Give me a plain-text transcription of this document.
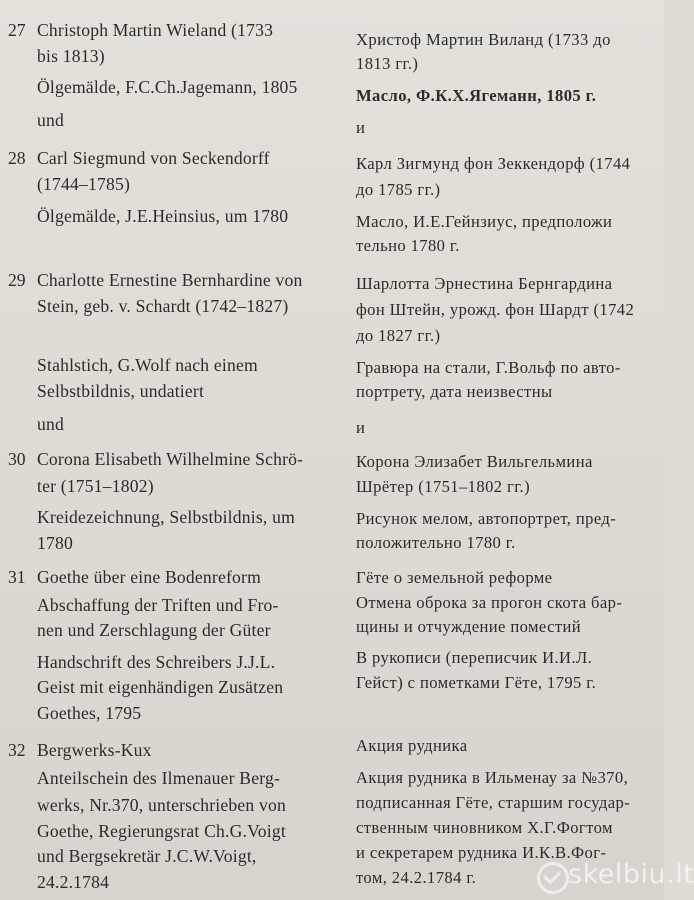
27 Christoph Martin Wieland (1733
bis 1813)
Ölgemälde, F.C.Ch.Jagemann, 1805
und
Христоф Мартин Виланд (1733 до
1813 гг.)
Масло, Ф.К.Х.Ягеманн, 1805 г.
и
28 Carl Siegmund von Seckendorff
(1744–1785)
Ölgemälde, J.E.Heinsius, um 1780
Карл Зигмунд фон Зеккендорф (1744
до 1785 гг.)
Масло, И.Е.Гейнзиус, предположи
тельно 1780 г.
29 Charlotte Ernestine Bernhardine von
Stein, geb. v. Schardt (1742–1827)
Stahlstich, G.Wolf nach einem
Selbstbildnis, undatiert
und
Шарлотта Эрнестина Бернгардина
фон Штейн, урожд. фон Шардт (1742
до 1827 гг.)
Гравюра на стали, Г.Вольф по авто-
портрету, дата неизвестны
и
30 Corona Elisabeth Wilhelmine Schrö-
ter (1751–1802)
Kreidezeichnung, Selbstbildnis, um
1780
Корона Элизабет Вильгельмина
Шрётер (1751–1802 гг.)
Рисунок мелом, автопортрет, пред-
положительно 1780 г.
31 Goethe über eine Bodenreform
Abschaffung der Triften und Fro-
nen und Zerschlagung der Güter
Handschrift des Schreibers J.J.L.
Geist mit eigenhändigen Zusätzen
Goethes, 1795
Гёте о земельной реформе
Отмена оброка за прогон скота бар-
щины и отчуждение поместий
В рукописи (переписчик И.И.Л.
Гейст) с пометками Гёте, 1795 г.
32 Bergwerks-Kux
Anteilschein des Ilmenauer Berg-
werks, Nr.370, unterschrieben von
Goethe, Regierungsrat Ch.G.Voigt
und Bergsekretär J.C.W.Voigt,
24.2.1784
Акция рудника
Акция рудника в Ильменау за №370,
подписанная Гёте, старшим государ-
ственным чиновником Х.Г.Фогтом
и секретарем рудника И.К.В.Фог-
том, 24.2.1784 г.	skelbiu.lt
